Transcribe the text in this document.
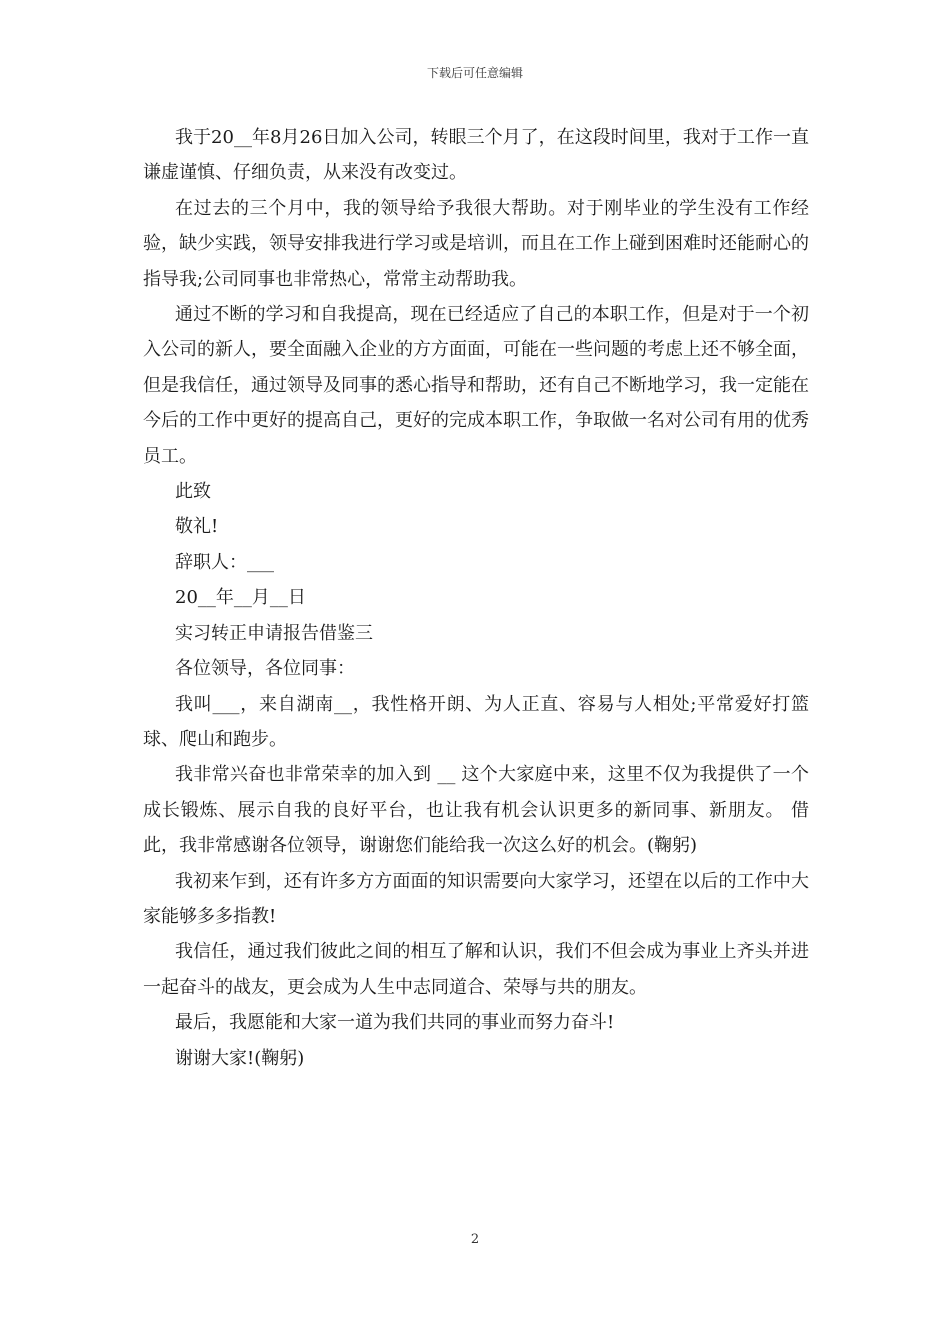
下载后可任意编辑

我于20__年8月26日加入公司，转眼三个月了，在这段时间里，我对于工作一直谦虚谨慎、仔细负责，从来没有改变过。

在过去的三个月中，我的领导给予我很大帮助。对于刚毕业的学生没有工作经验，缺少实践，领导安排我进行学习或是培训，而且在工作上碰到困难时还能耐心的指导我;公司同事也非常热心，常常主动帮助我。

通过不断的学习和自我提高，现在已经适应了自己的本职工作，但是对于一个初入公司的新人，要全面融入企业的方方面面，可能在一些问题的考虑上还不够全面，但是我信任，通过领导及同事的悉心指导和帮助，还有自己不断地学习，我一定能在今后的工作中更好的提高自己，更好的完成本职工作，争取做一名对公司有用的优秀员工。

此致

敬礼!

辞职人：___

20__年__月__日

实习转正申请报告借鉴三

各位领导，各位同事：

我叫___，来自湖南__，我性格开朗、为人正直、容易与人相处;平常爱好打篮球、爬山和跑步。

我非常兴奋也非常荣幸的加入到 __ 这个大家庭中来，这里不仅为我提供了一个成长锻炼、展示自我的良好平台，也让我有机会认识更多的新同事、新朋友。 借此，我非常感谢各位领导，谢谢您们能给我一次这么好的机会。(鞠躬)

我初来乍到，还有许多方方面面的知识需要向大家学习，还望在以后的工作中大家能够多多指教!

我信任，通过我们彼此之间的相互了解和认识，我们不但会成为事业上齐头并进一起奋斗的战友，更会成为人生中志同道合、荣辱与共的朋友。

最后，我愿能和大家一道为我们共同的事业而努力奋斗!

谢谢大家!(鞠躬)

2
